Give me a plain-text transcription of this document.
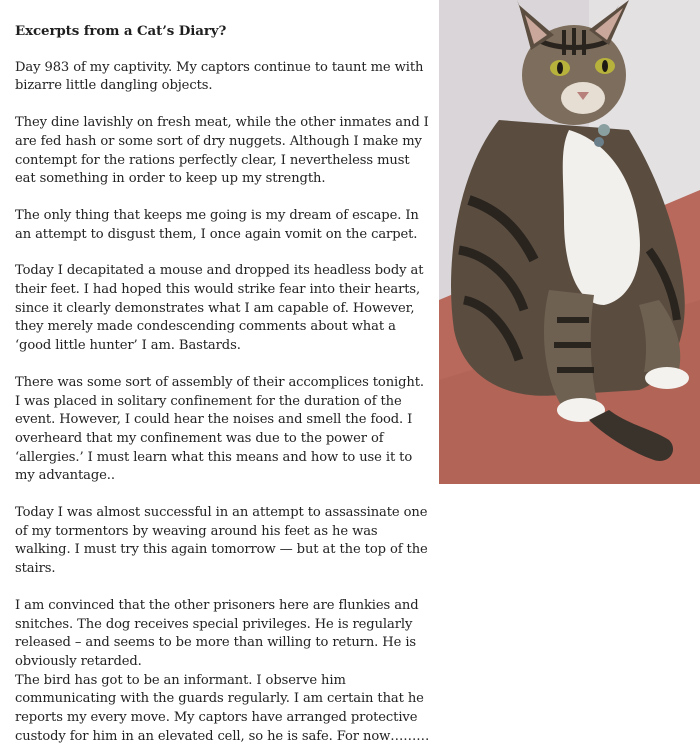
Excerpts from a Cat’s Diary?

Day 983 of my captivity. My captors continue to taunt me with bizarre little dangling objects.

They dine lavishly on fresh meat, while the other inmates and I are fed hash or some sort of dry nuggets. Although I make my contempt for the rations perfectly clear, I nevertheless must eat something in order to keep up my strength.

The only thing that keeps me going is my dream of escape. In an attempt to disgust them, I once again vomit on the carpet.

Today I decapitated a mouse and dropped its headless body at their feet. I had hoped this would strike fear into their hearts, since it clearly demonstrates what I am capable of. However, they merely made condescending comments about what a ‘good little hunter’ I am. Bastards.

There was some sort of assembly of their accomplices tonight. I was placed in solitary confinement for the duration of the event. However, I could hear the noises and smell the food. I overheard that my confinement was due to the power of ‘allergies.’ I must learn what this means and how to use it to my advantage..

Today I was almost successful in an attempt to assassinate one of my tormentors by weaving around his feet as he was walking. I must try this again tomorrow — but at the top of the stairs.

I am convinced that the other prisoners here are flunkies and snitches. The dog receives special privileges. He is regularly released – and seems to be more than willing to return. He is obviously retarded.

The bird has got to be an informant. I observe him communicating with the guards regularly. I am certain that he reports my every move. My captors have arranged protective custody for him in an elevated cell, so he is safe. For now………
